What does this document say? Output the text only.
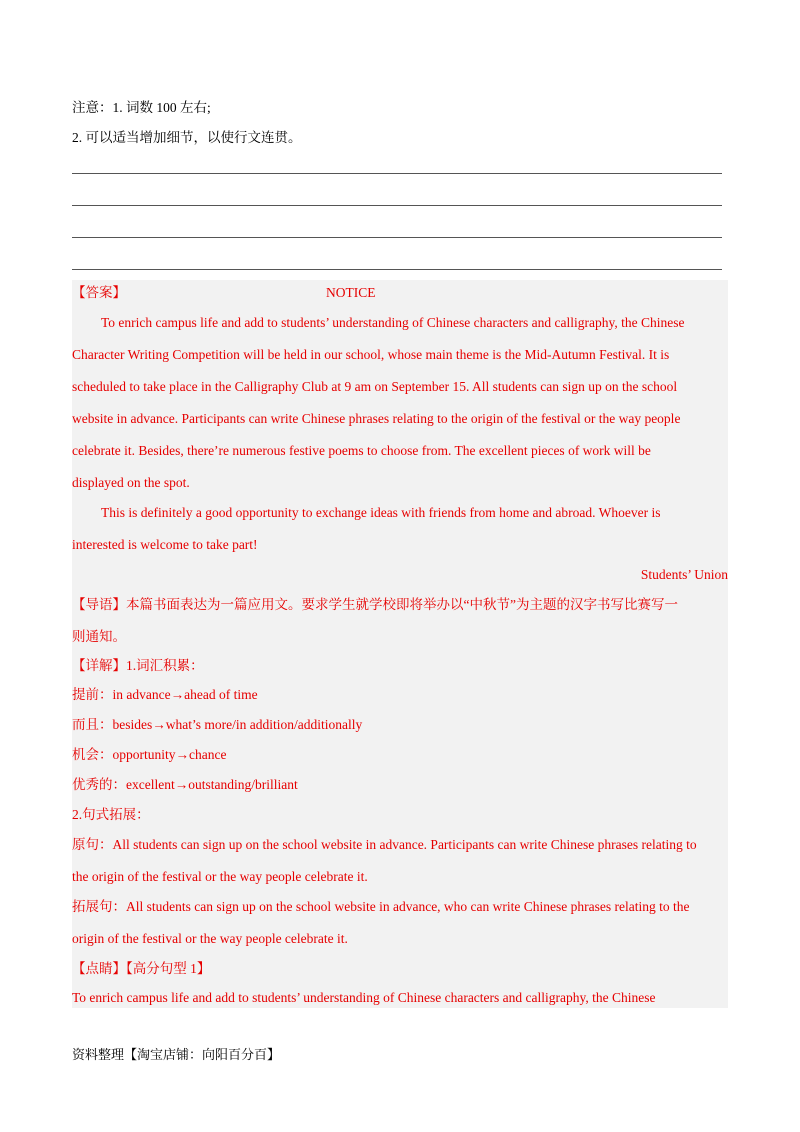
注意：1. 词数 100 左右;
2. 可以适当增加细节，以使行文连贯。
【答案】	NOTICE
To enrich campus life and add to students’ understanding of Chinese characters and calligraphy, the Chinese
Character Writing Competition will be held in our school, whose main theme is the Mid-Autumn Festival. It is
scheduled to take place in the Calligraphy Club at 9 am on September 15. All students can sign up on the school
website in advance. Participants can write Chinese phrases relating to the origin of the festival or the way people
celebrate it. Besides, there’re numerous festive poems to choose from. The excellent pieces of work will be
displayed on the spot.
This is definitely a good opportunity to exchange ideas with friends from home and abroad. Whoever is
interested is welcome to take part!
Students’ Union
【导语】本篇书面表达为一篇应用文。要求学生就学校即将举办以“中秋节”为主题的汉字书写比赛写一
则通知。
【详解】1.词汇积累：
提前：in advance→ahead of time
而且：besides→what’s more/in addition/additionally
机会：opportunity→chance
优秀的：excellent→outstanding/brilliant
2.句式拓展：
原句：All students can sign up on the school website in advance. Participants can write Chinese phrases relating to
the origin of the festival or the way people celebrate it.
拓展句：All students can sign up on the school website in advance, who can write Chinese phrases relating to the
origin of the festival or the way people celebrate it.
【点睛】【高分句型 1】
To enrich campus life and add to students’ understanding of Chinese characters and calligraphy, the Chinese
资料整理【淘宝店铺：向阳百分百】
